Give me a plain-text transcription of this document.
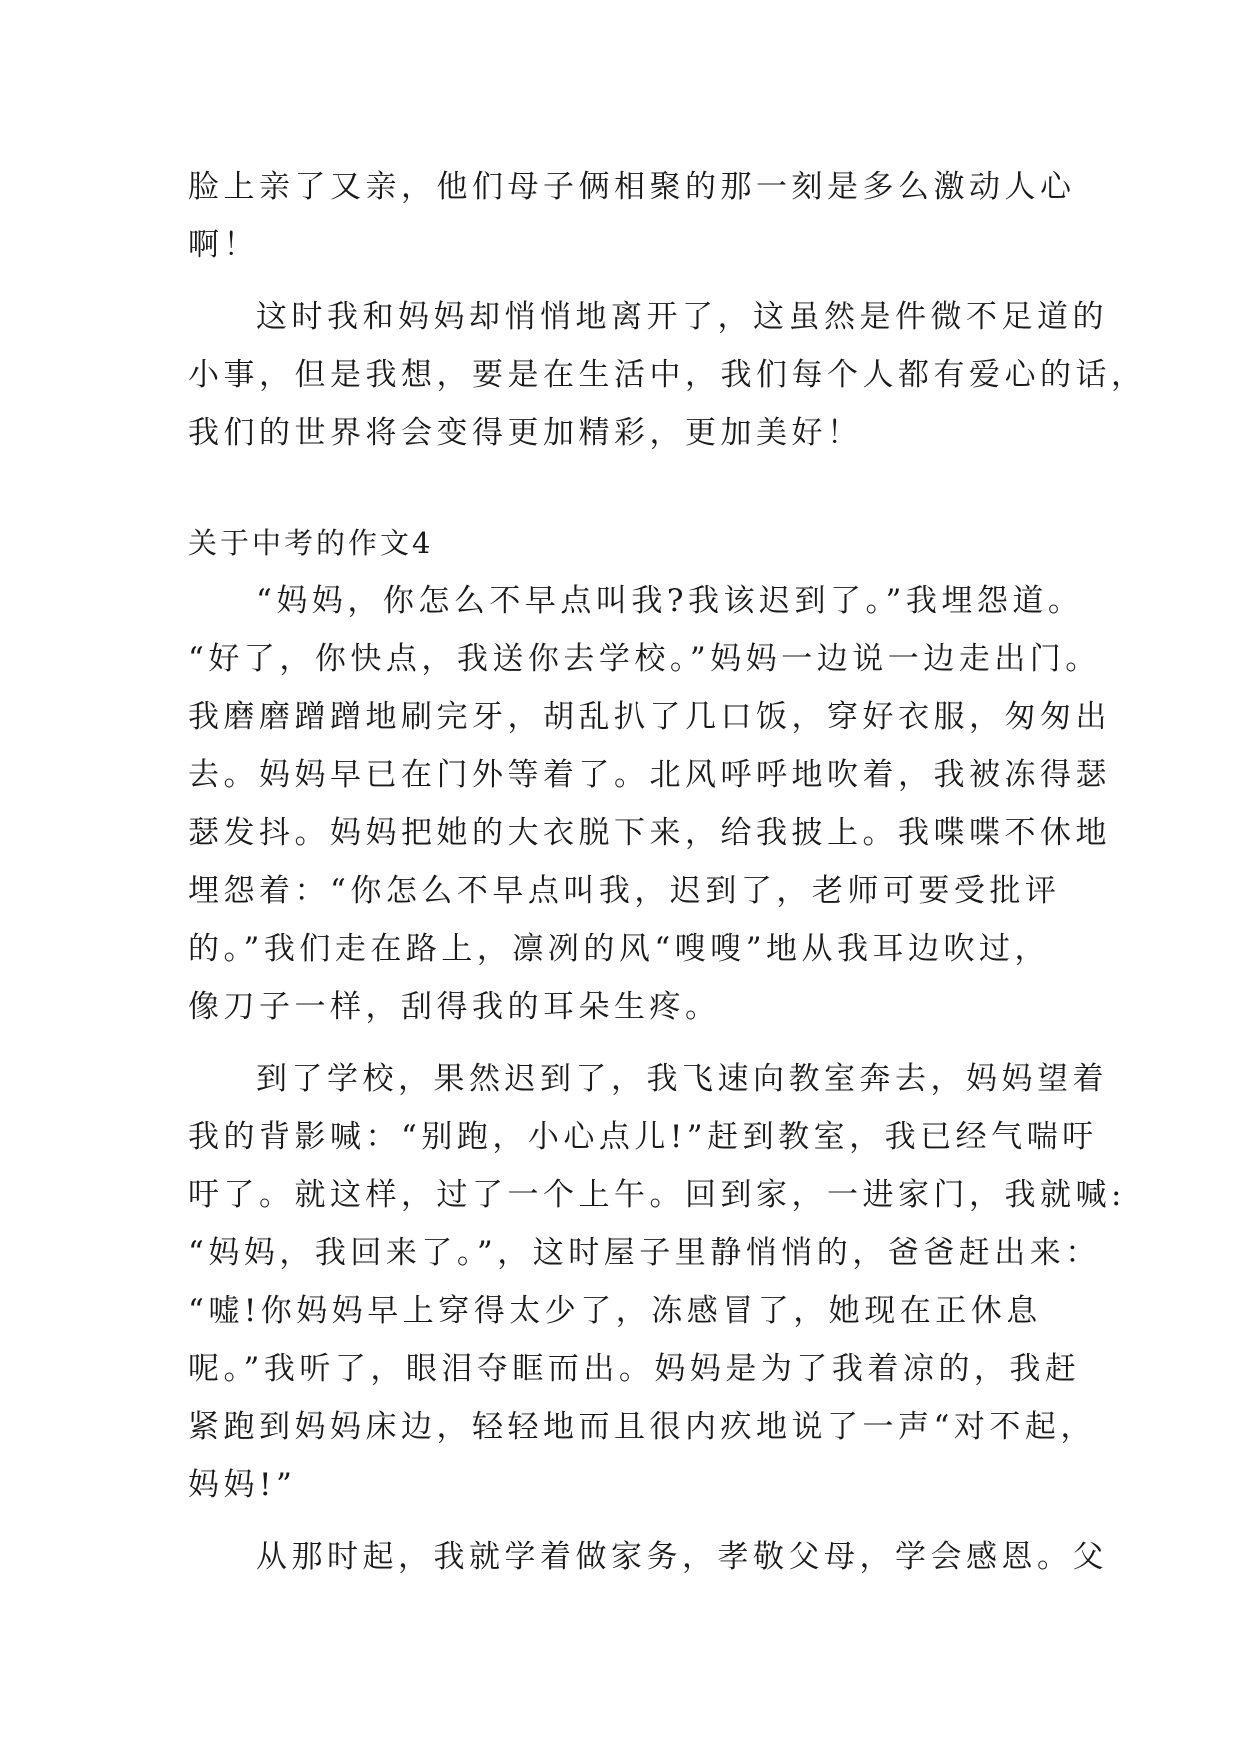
脸上亲了又亲，他们母子俩相聚的那一刻是多么激动人心
啊！
这时我和妈妈却悄悄地离开了，这虽然是件微不足道的
小事，但是我想，要是在生活中，我们每个人都有爱心的话，
我们的世界将会变得更加精彩，更加美好！
关于中考的作文4
“妈妈，你怎么不早点叫我?我该迟到了。”我埋怨道。
“好了，你快点，我送你去学校。”妈妈一边说一边走出门。
我磨磨蹭蹭地刷完牙，胡乱扒了几口饭，穿好衣服，匆匆出
去。妈妈早已在门外等着了。北风呼呼地吹着，我被冻得瑟
瑟发抖。妈妈把她的大衣脱下来，给我披上。我喋喋不休地
埋怨着：“你怎么不早点叫我，迟到了，老师可要受批评
的。”我们走在路上，凛冽的风“嗖嗖”地从我耳边吹过，
像刀子一样，刮得我的耳朵生疼。
到了学校，果然迟到了，我飞速向教室奔去，妈妈望着
我的背影喊：“别跑，小心点儿!”赶到教室，我已经气喘吁
吁了。就这样，过了一个上午。回到家，一进家门，我就喊:
“妈妈，我回来了。”，这时屋子里静悄悄的，爸爸赶出来：
“嘘!你妈妈早上穿得太少了，冻感冒了，她现在正休息
呢。”我听了，眼泪夺眶而出。妈妈是为了我着凉的，我赶
紧跑到妈妈床边，轻轻地而且很内疚地说了一声“对不起，
妈妈!”
从那时起，我就学着做家务，孝敬父母，学会感恩。父
